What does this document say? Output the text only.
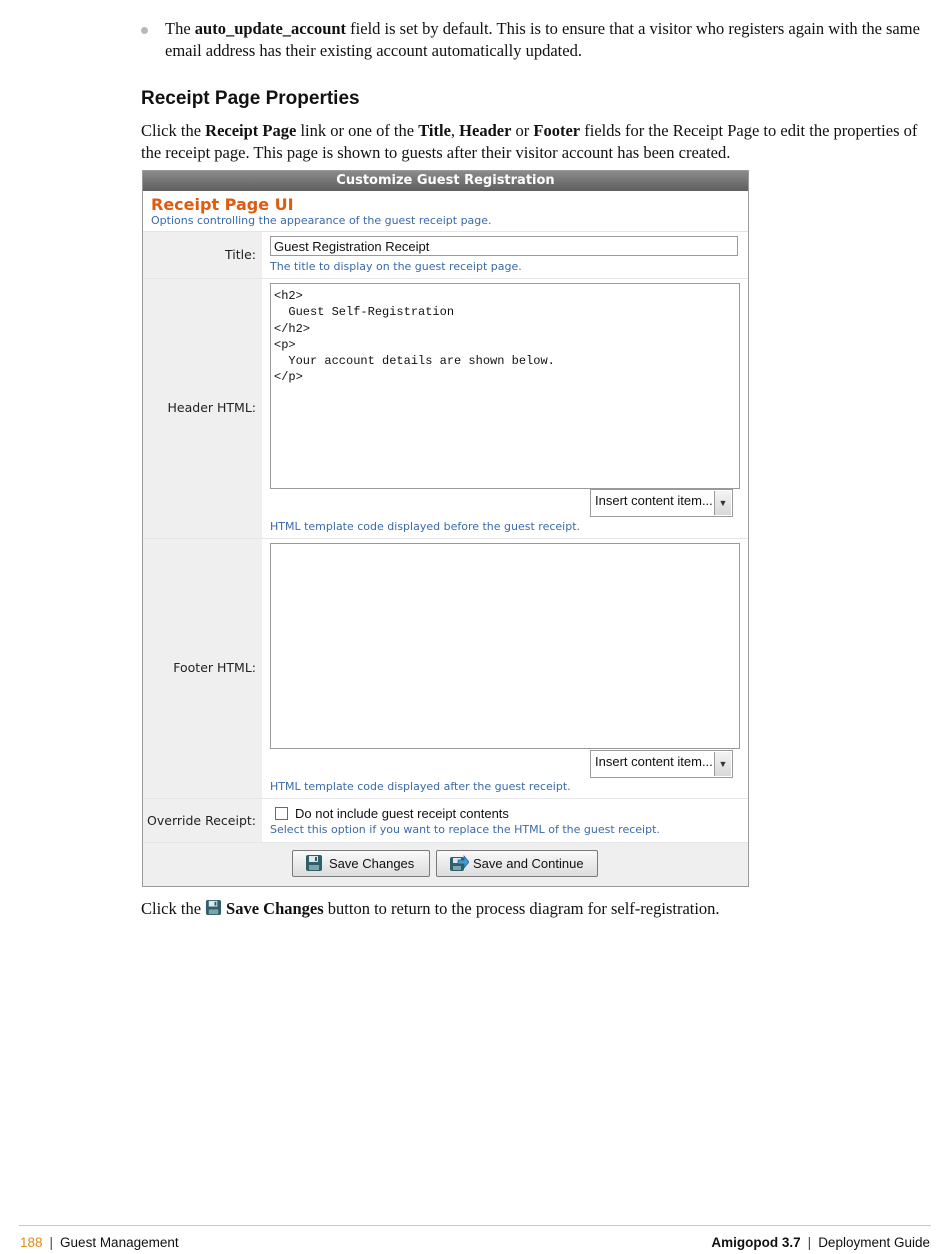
The auto_update_account field is set by default. This is to ensure that a visitor who registers again with the same email address has their existing account automatically updated.
Receipt Page Properties
Click the Receipt Page link or one of the Title, Header or Footer fields for the Receipt Page to edit the properties of the receipt page. This page is shown to guests after their visitor account has been created.
Customize Guest Registration
Receipt Page UI
Options controlling the appearance of the guest receipt page.
Title:
Guest Registration Receipt
The title to display on the guest receipt page.
Header HTML:
<h2>
Guest Self-Registration
</h2>
<p>
Your account details are shown below.
</p>
Insert content item... ▼
HTML template code displayed before the guest receipt.
Footer HTML:
Insert content item... ▼
HTML template code displayed after the guest receipt.
Override Receipt:	Do not include guest receipt contents
Select this option if you want to replace the HTML of the guest receipt.
Save Changes	Save and Continue
Click the Save Changes button to return to the process diagram for self-registration.
188 | Guest Management	Amigopod 3.7 | Deployment Guide
